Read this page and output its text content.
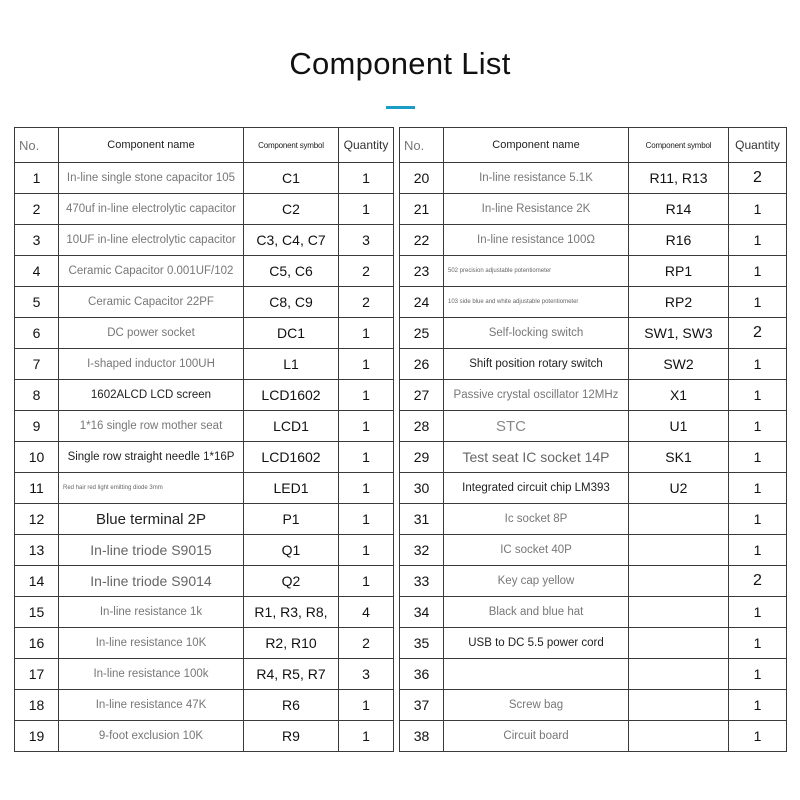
Component List
No.	Component name	Component symbol	Quantity
1	In-line single stone capacitor 105	C1	1
2	470uf in-line electrolytic capacitor	C2	1
3	10UF in-line electrolytic capacitor	C3, C4, C7	3
4	Ceramic Capacitor 0.001UF/102	C5, C6	2
5	Ceramic Capacitor 22PF	C8, C9	2
6	DC power socket	DC1	1
7	I-shaped inductor 100UH	L1	1
8	1602ALCD LCD screen	LCD1602	1
9	1*16 single row mother seat	LCD1	1
10	Single row straight needle 1*16P	LCD1602	1
11	Red hair red light emitting diode 3mm	LED1	1
12	Blue terminal 2P	P1	1
13	In-line triode S9015	Q1	1
14	In-line triode S9014	Q2	1
15	In-line resistance 1k	R1, R3, R8,	4
16	In-line resistance 10K	R2, R10	2
17	In-line resistance 100k	R4, R5, R7	3
18	In-line resistance 47K	R6	1
19	9-foot exclusion 10K	R9	1
No.	Component name	Component symbol	Quantity
20	In-line resistance 5.1K	R11, R13	2
21	In-line Resistance 2K	R14	1
22	In-line resistance 100Ω	R16	1
23	502 precision adjustable potentiometer	RP1	1
24	103 side blue and white adjustable potentiometer	RP2	1
25	Self-locking switch	SW1, SW3	2
26	Shift position rotary switch	SW2	1
27	Passive crystal oscillator 12MHz	X1	1
28	STC	U1	1
29	Test seat IC socket 14P	SK1	1
30	Integrated circuit chip LM393	U2	1
31	Ic socket 8P		1
32	IC socket 40P		1
33	Key cap yellow		2
34	Black and blue hat		1
35	USB to DC 5.5 power cord		1
36			1
37	Screw bag		1
38	Circuit board		1
